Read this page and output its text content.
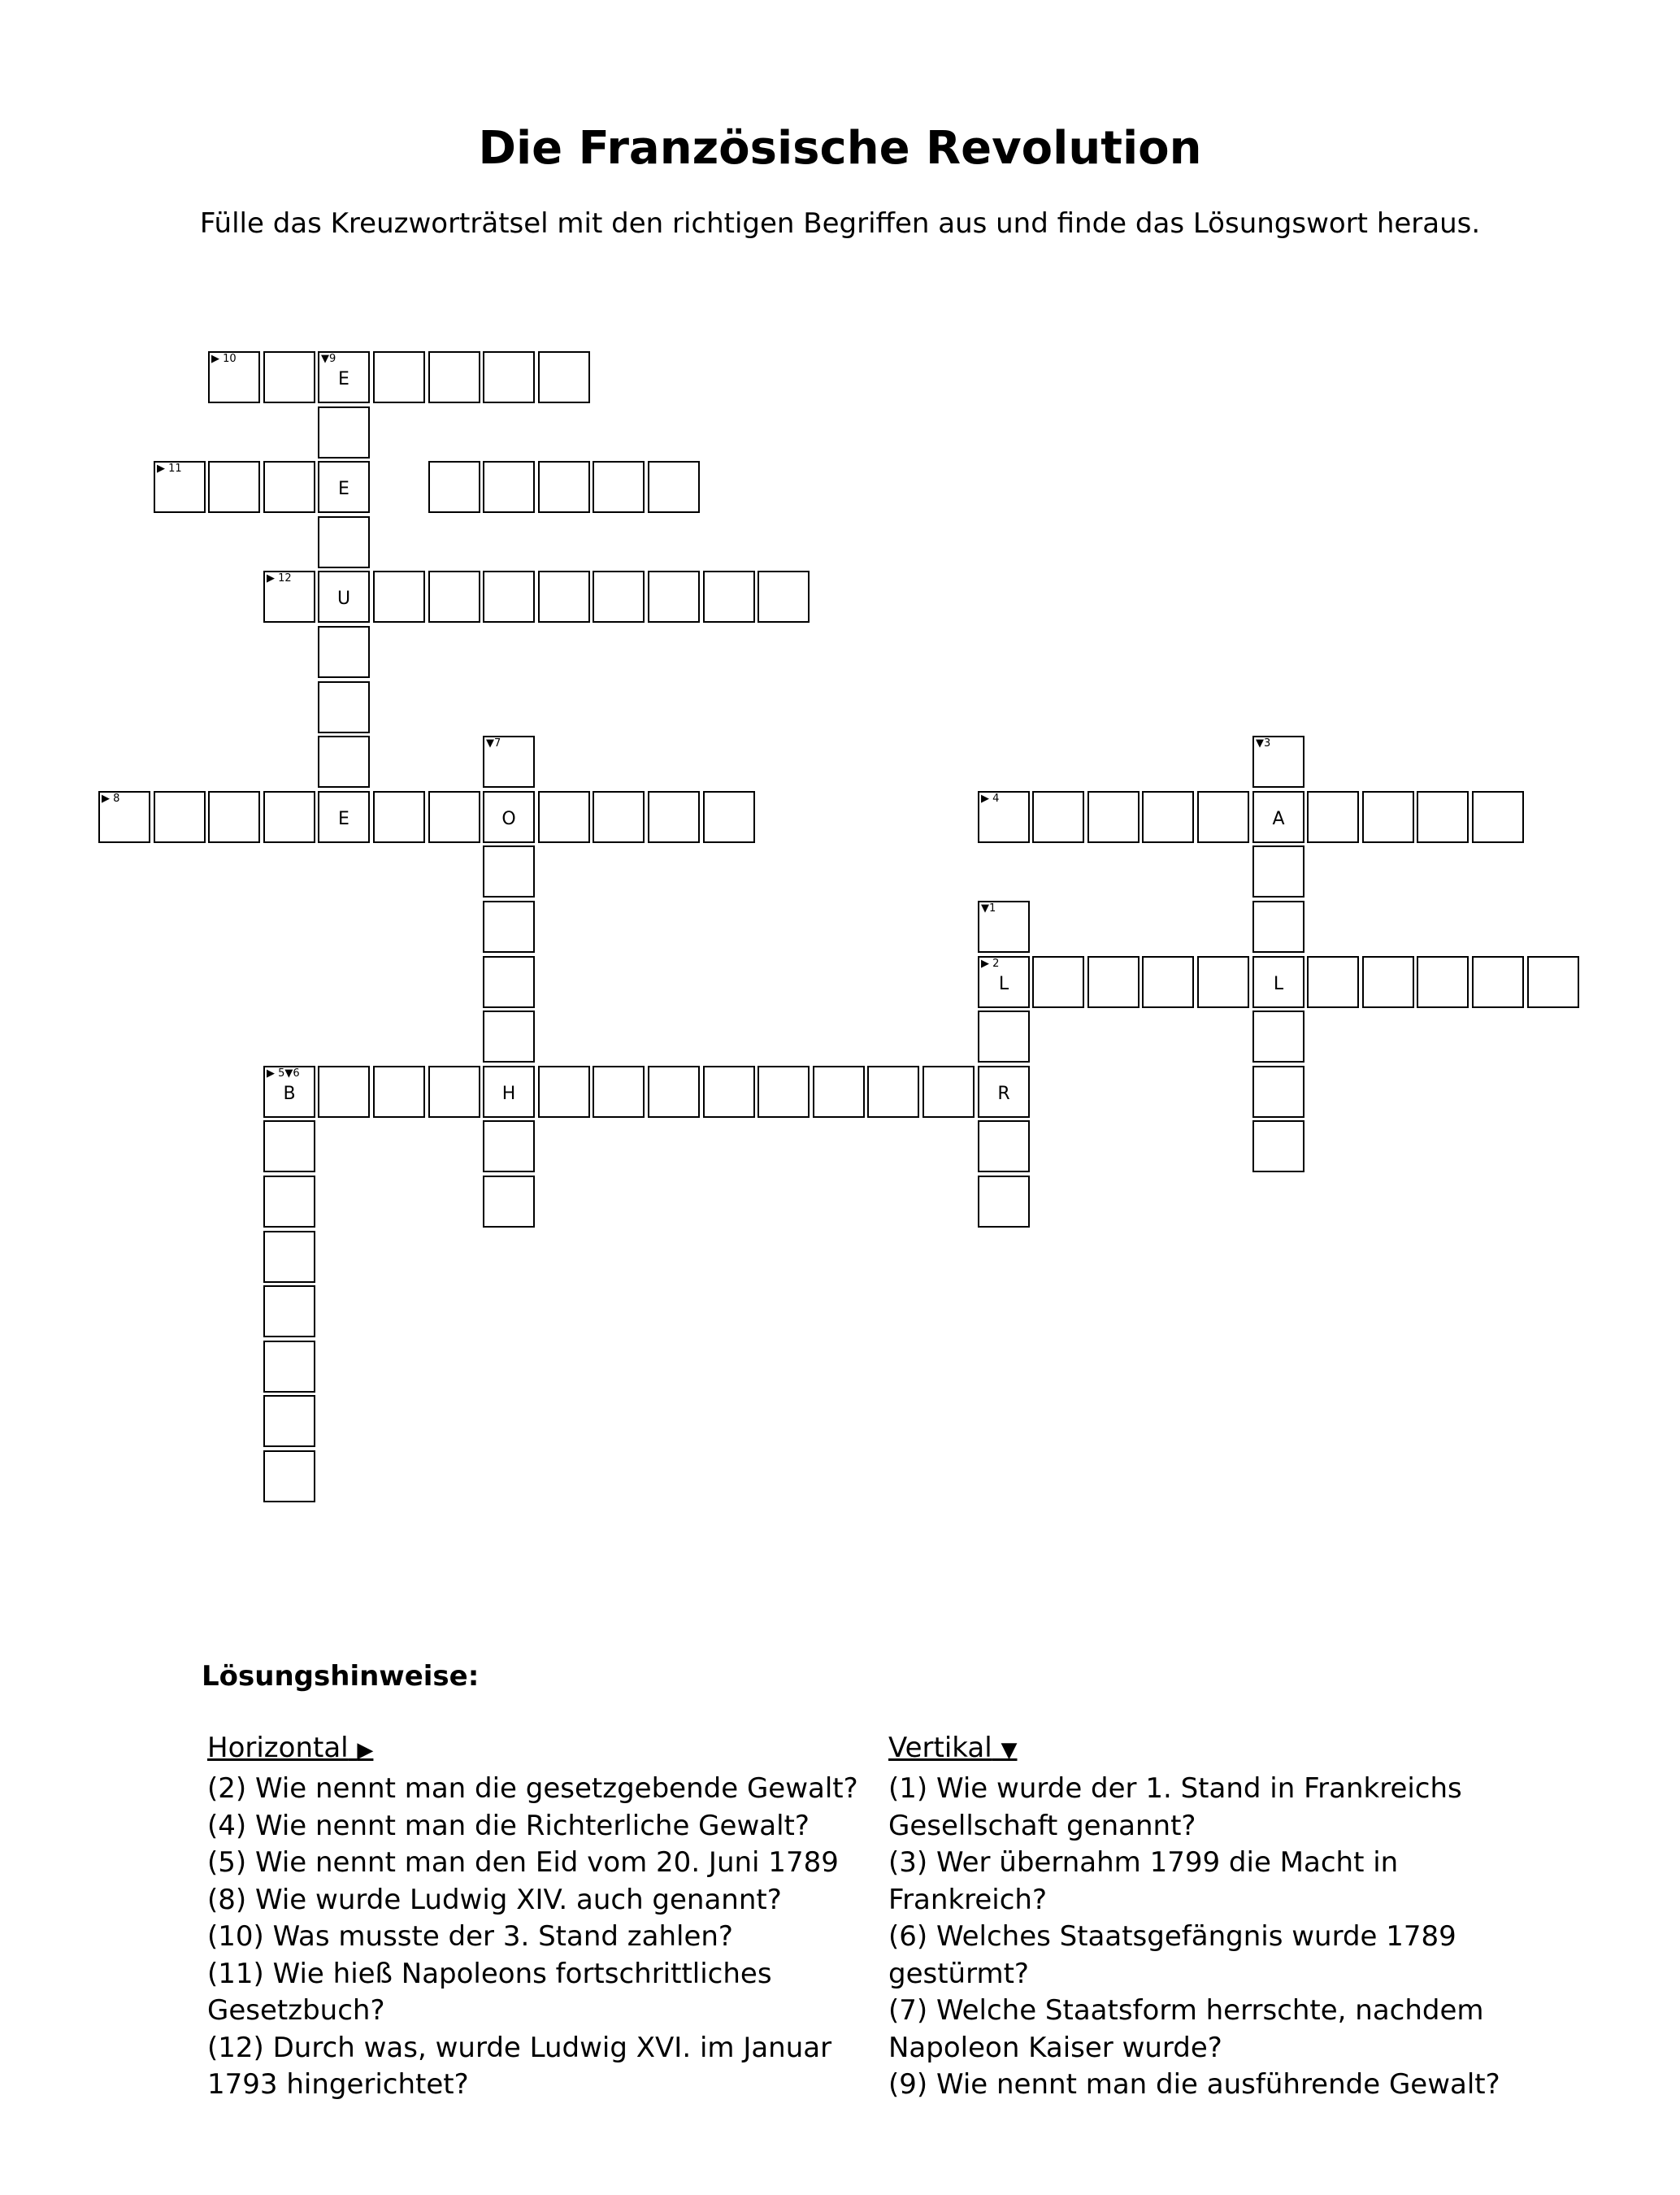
Die Französische Revolution
Fülle das Kreuzworträtsel mit den richtigen Begriffen aus und finde das Lösungswort heraus.
▶ 10	▼9
E
▶ 11
E
▶ 12
U
▼7	▼3
▶ 8
E	O
▶ 4
A
▼1
▶ 2
L	L
▶ 5▼6
B	H	R
Lösungshinweise:
Horizontal ▶	Vertikal ▼

(2) Wie nennt man die gesetzgebende Gewalt?

(4) Wie nennt man die Richterliche Gewalt?

(5) Wie nennt man den Eid vom 20. Juni 1789

(8) Wie wurde Ludwig XIV. auch genannt?

(10) Was musste der 3. Stand zahlen?

(11) Wie hieß Napoleons fortschrittliches Gesetzbuch?

(12) Durch was, wurde Ludwig XVI. im Januar 1793 hingerichtet?

(1) Wie wurde der 1. Stand in Frankreichs Gesellschaft genannt?

(3) Wer übernahm 1799 die Macht in Frankreich?

(6) Welches Staatsgefängnis wurde 1789 gestürmt?

(7) Welche Staatsform herrschte, nachdem Napoleon Kaiser wurde?

(9) Wie nennt man die ausführende Gewalt?
